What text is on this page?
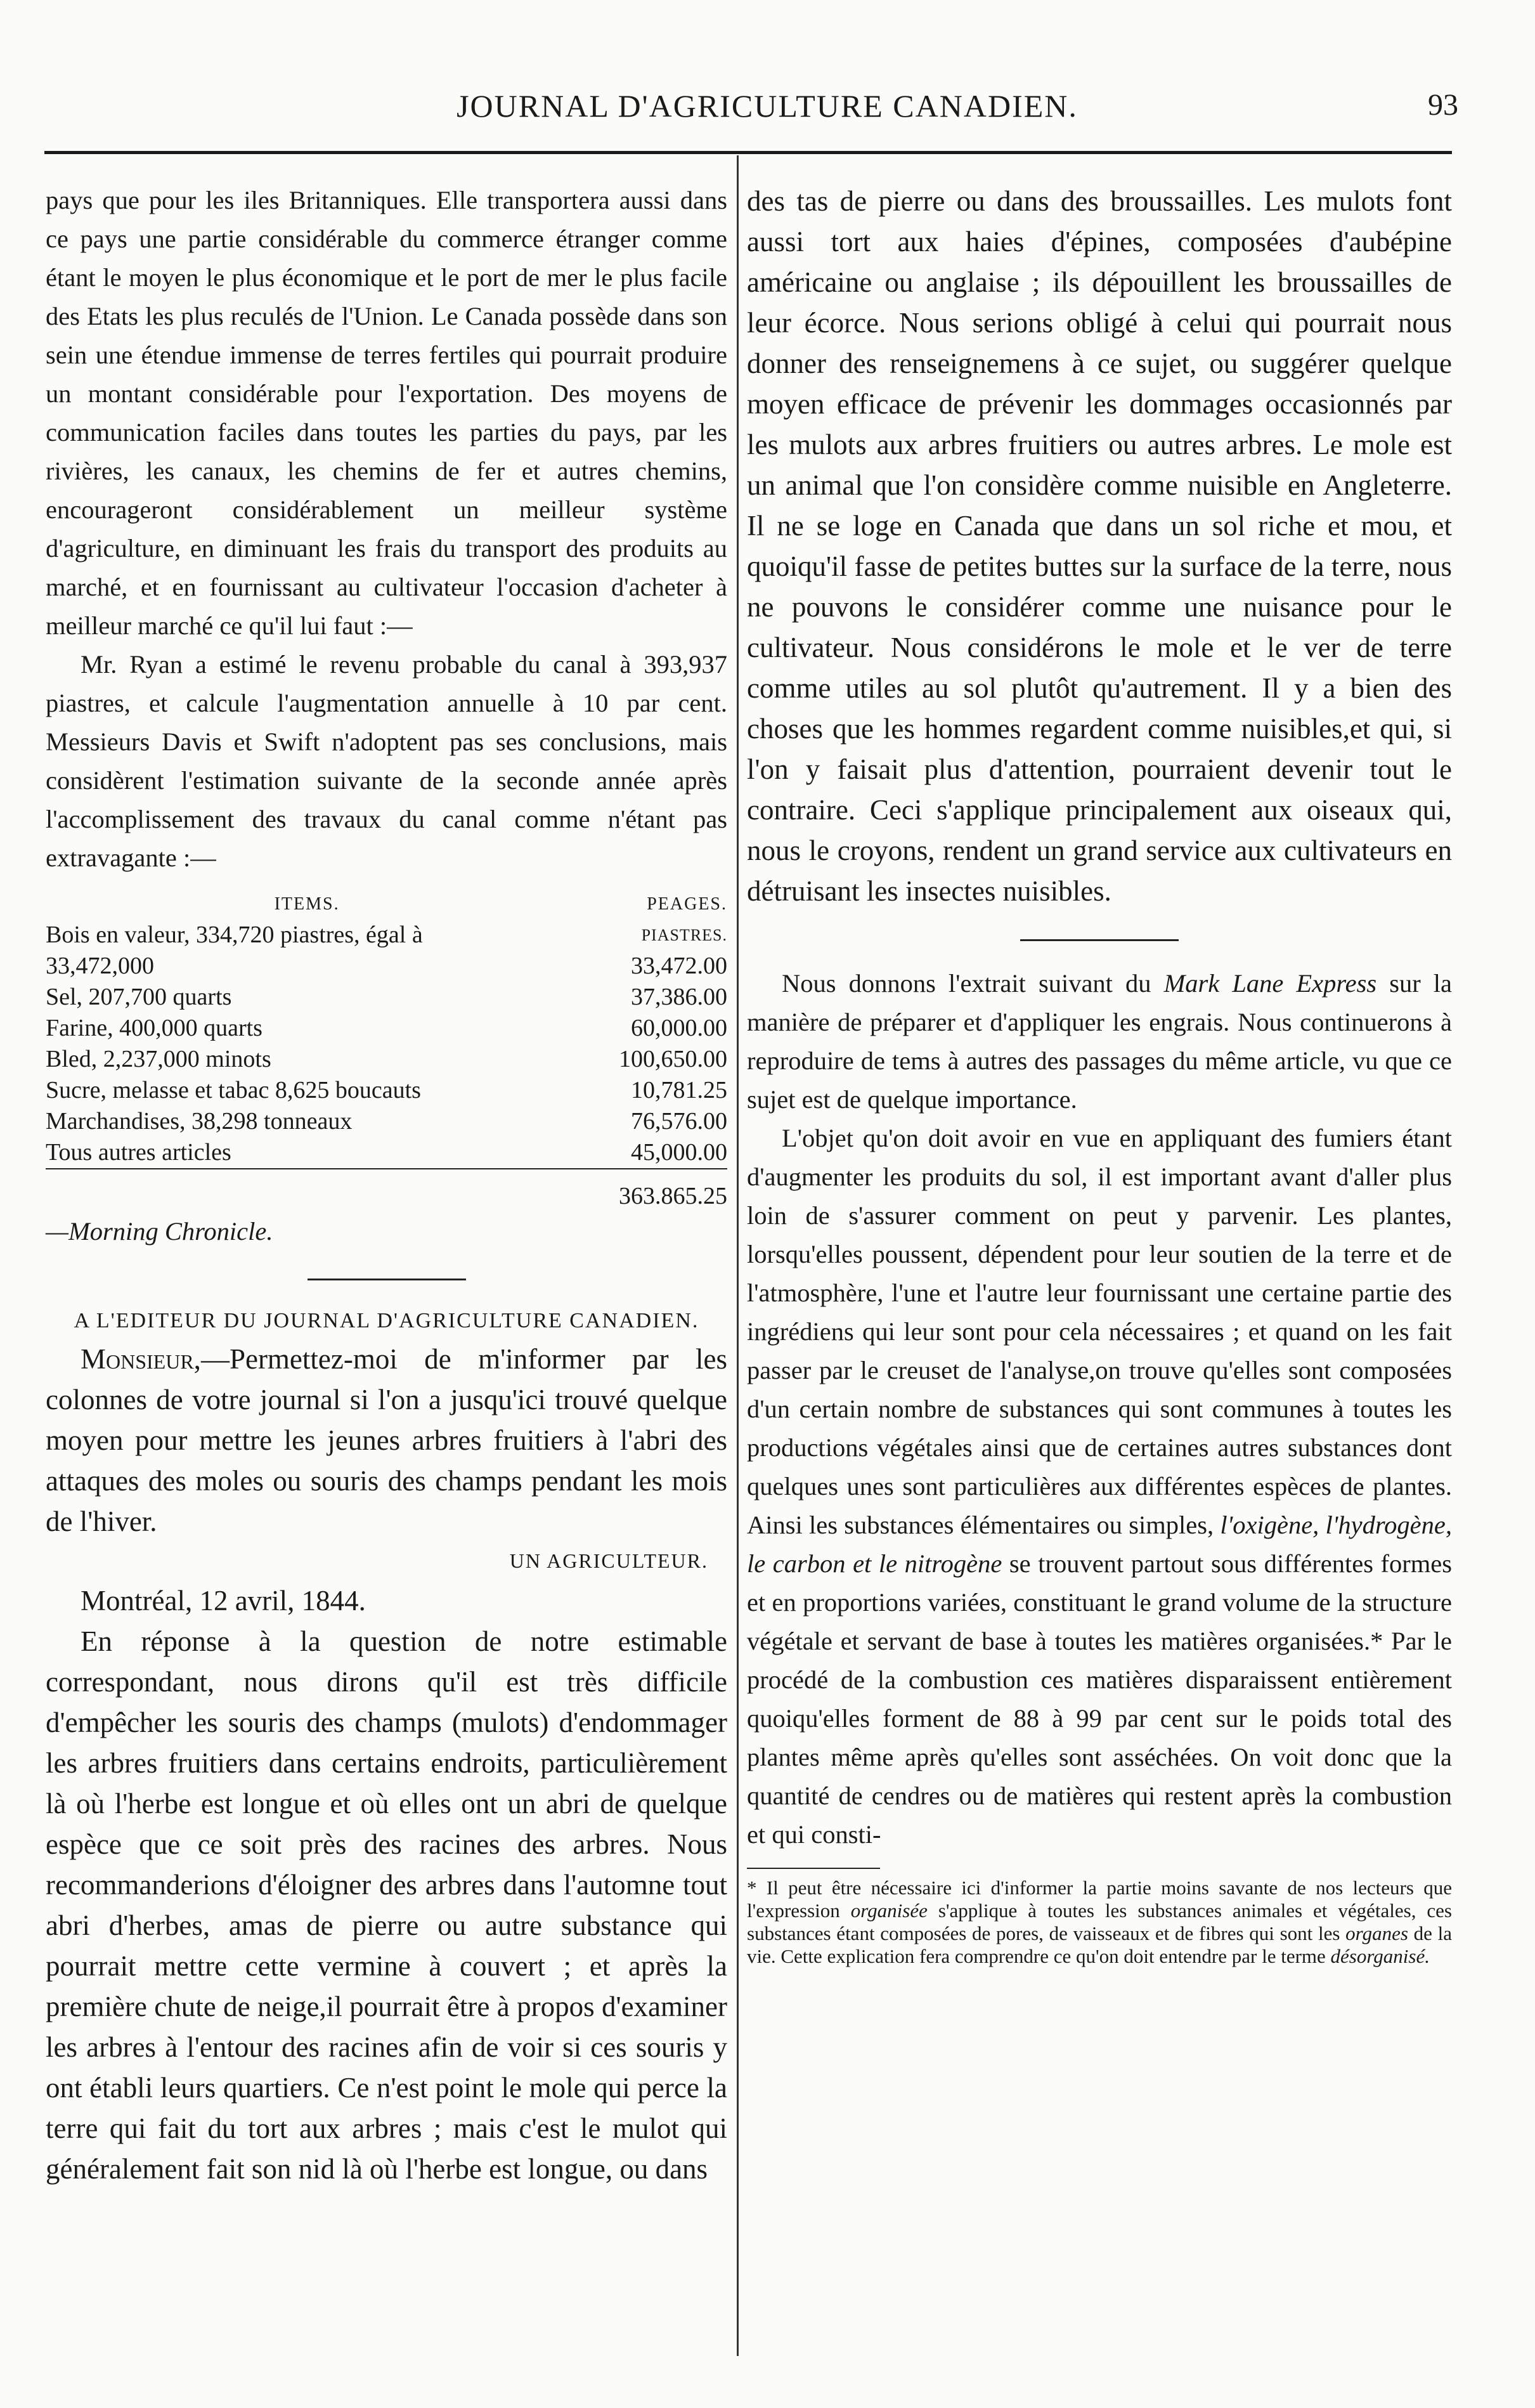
JOURNAL D'AGRICULTURE CANADIEN.	93

pays que pour les iles Britanniques. Elle transportera aussi dans ce pays une partie considérable du commerce étranger comme étant le moyen le plus économique et le port de mer le plus facile des Etats les plus reculés de l'Union. Le Canada possède dans son sein une étendue immense de terres fertiles qui pourrait produire un montant considérable pour l'exportation. Des moyens de communication faciles dans toutes les parties du pays, par les rivières, les canaux, les chemins de fer et autres chemins, encourageront considérablement un meilleur système d'agriculture, en diminuant les frais du transport des produits au marché, et en fournissant au cultivateur l'occasion d'acheter à meilleur marché ce qu'il lui faut :—

Mr. Ryan a estimé le revenu probable du canal à 393,937 piastres, et calcule l'augmentation annuelle à 10 par cent. Messieurs Davis et Swift n'adoptent pas ses conclusions, mais considèrent l'estimation suivante de la seconde année après l'accomplissement des travaux du canal comme n'étant pas extravagante :—

ITEMS.	PEAGES.
Bois en valeur, 334,720 piastres, égal à	PIASTRES.
33,472,000	33,472.00
Sel, 207,700 quarts	37,386.00
Farine, 400,000 quarts	60,000.00
Bled, 2,237,000 minots	100,650.00
Sucre, melasse et tabac 8,625 boucauts	10,781.25
Marchandises, 38,298 tonneaux	76,576.00
Tous autres articles	45,000.00
	363.865.25

—Morning Chronicle.

A L'EDITEUR DU JOURNAL D'AGRICULTURE CANADIEN.

Monsieur,—Permettez-moi de m'informer par les colonnes de votre journal si l'on a jusqu'ici trouvé quelque moyen pour mettre les jeunes arbres fruitiers à l'abri des attaques des moles ou souris des champs pendant les mois de l'hiver.

UN AGRICULTEUR.

Montréal, 12 avril, 1844.

En réponse à la question de notre estimable correspondant, nous dirons qu'il est très difficile d'empêcher les souris des champs (mulots) d'endommager les arbres fruitiers dans certains endroits, particulièrement là où l'herbe est longue et où elles ont un abri de quelque espèce que ce soit près des racines des arbres. Nous recommanderions d'éloigner des arbres dans l'automne tout abri d'herbes, amas de pierre ou autre substance qui pourrait mettre cette vermine à couvert ; et après la première chute de neige,il pourrait être à propos d'examiner les arbres à l'entour des racines afin de voir si ces souris y ont établi leurs quartiers. Ce n'est point le mole qui perce la terre qui fait du tort aux arbres ; mais c'est le mulot qui généralement fait son nid là où l'herbe est longue, ou dans

des tas de pierre ou dans des broussailles. Les mulots font aussi tort aux haies d'épines, composées d'aubépine américaine ou anglaise ; ils dépouillent les broussailles de leur écorce. Nous serions obligé à celui qui pourrait nous donner des renseignemens à ce sujet, ou suggérer quelque moyen efficace de prévenir les dommages occasionnés par les mulots aux arbres fruitiers ou autres arbres. Le mole est un animal que l'on considère comme nuisible en Angleterre. Il ne se loge en Canada que dans un sol riche et mou, et quoiqu'il fasse de petites buttes sur la surface de la terre, nous ne pouvons le considérer comme une nuisance pour le cultivateur. Nous considérons le mole et le ver de terre comme utiles au sol plutôt qu'autrement. Il y a bien des choses que les hommes regardent comme nuisibles,et qui, si l'on y faisait plus d'attention, pourraient devenir tout le contraire. Ceci s'applique principalement aux oiseaux qui, nous le croyons, rendent un grand service aux cultivateurs en détruisant les insectes nuisibles.

Nous donnons l'extrait suivant du Mark Lane Express sur la manière de préparer et d'appliquer les engrais. Nous continuerons à reproduire de tems à autres des passages du même article, vu que ce sujet est de quelque importance.

L'objet qu'on doit avoir en vue en appliquant des fumiers étant d'augmenter les produits du sol, il est important avant d'aller plus loin de s'assurer comment on peut y parvenir. Les plantes, lorsqu'elles poussent, dépendent pour leur soutien de la terre et de l'atmosphère, l'une et l'autre leur fournissant une certaine partie des ingrédiens qui leur sont pour cela nécessaires ; et quand on les fait passer par le creuset de l'analyse,on trouve qu'elles sont composées d'un certain nombre de substances qui sont communes à toutes les productions végétales ainsi que de certaines autres substances dont quelques unes sont particulières aux différentes espèces de plantes. Ainsi les substances élémentaires ou simples, l'oxigène, l'hydrogène, le carbon et le nitrogène se trouvent partout sous différentes formes et en proportions variées, constituant le grand volume de la structure végétale et servant de base à toutes les matières organisées.* Par le procédé de la combustion ces matières disparaissent entièrement quoiqu'elles forment de 88 à 99 par cent sur le poids total des plantes même après qu'elles sont asséchées. On voit donc que la quantité de cendres ou de matières qui restent après la combustion et qui consti-

* Il peut être nécessaire ici d'informer la partie moins savante de nos lecteurs que l'expression organisée s'applique à toutes les substances animales et végétales, ces substances étant composées de pores, de vaisseaux et de fibres qui sont les organes de la vie. Cette explication fera comprendre ce qu'on doit entendre par le terme désorganisé.
